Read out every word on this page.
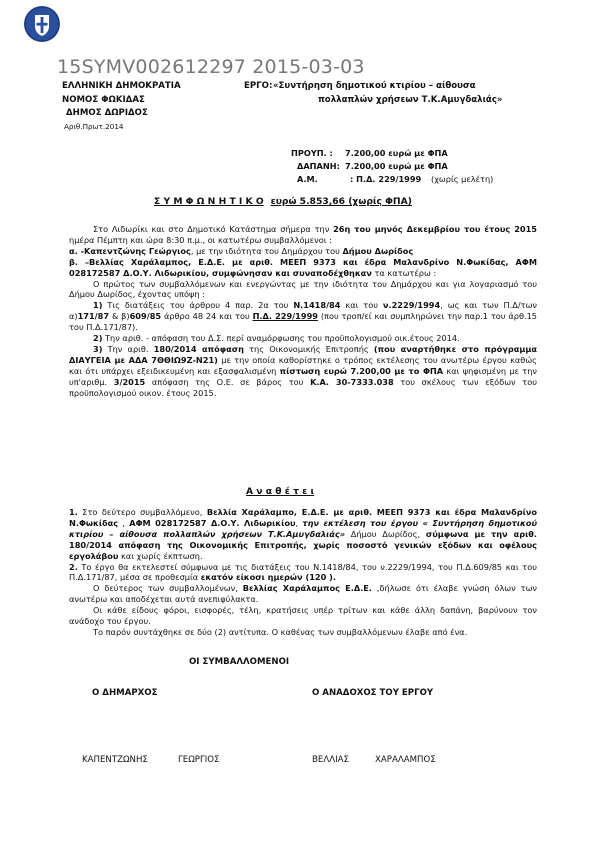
15SYMV002612297 2015-03-03
ΕΛΛΗΝΙΚΗ ΔΗΜΟΚΡΑΤΙΑ
ΝΟΜΟΣ ΦΩΚΙΔΑΣ
ΔΗΜΟΣ ΔΩΡΙΔΟΣ
Αριθ.Πρωτ.2014
ΕΡΓΟ: «Συντήρηση δημοτικού κτιρίου – αίθουσα
πολλαπλών χρήσεων Τ.Κ.Αμυγδαλιάς»
ΠΡΟΥΠ. : 7.200,00 ευρώ με ΦΠΑ
ΔΑΠΑΝΗ: 7.200,00 ευρώ με ΦΠΑ
Α.Μ.	: Π.Δ. 229/1999 (χωρίς μελέτη)
Σ Υ Μ Φ Ω Ν Η Τ Ι Κ Ο ευρώ 5.853,66 (χωρίς ΦΠΑ)

Στο Λιδωρίκι και στο Δημοτικό Κατάστημα σήμερα την 26η του μηνός Δεκεμβρίου του έτους 2015 ημέρα Πέμπτη και ώρα 8:30 π.μ., οι κατωτέρω συμβαλλόμενοι :

α. -Καπεντζώνης Γεώργιος, με την ιδιότητα του Δημάρχου του Δήμου Δωρίδος

β. –Βελλίας Χαράλαμπος, Ε.Δ.Ε. με αριθ. ΜΕΕΠ 9373 και έδρα Μαλανδρίνο Ν.Φωκίδας, ΑΦΜ 028172587 Δ.Ο.Υ. Λιδωρικίου, συμφώνησαν και συναποδέχθηκαν τα κατωτέρω :

Ο πρώτος των συμβαλλόμενων και ενεργώντας με την ιδιότητα του Δημάρχου και για λογαριασμό του Δήμου Δωρίδος, έχοντας υπόψη :

1) Τις διατάξεις του άρθρου 4 παρ. 2α του Ν.1418/84 και του ν.2229/1994, ως και των Π.Δ/των α)171/87 & β)609/85 άρθρο 48 24 και του Π.Δ. 229/1999 (που τροπ/εί και συμπληρώνει την παρ.1 του άρθ.15 του Π.Δ.171/87).

2) Την αριθ. - απόφαση του Δ.Σ. περί αναμόρφωσης του προϋπολογισμού οικ.έτους 2014.

3) Την αριθ. 180/2014 απόφαση της Οικονομικής Επιτροπής (που αναρτήθηκε στο πρόγραμμα ΔΙΑΥΓΕΙΑ με ΑΔΑ 7ΘΘΙΩ9Ζ-Ν21) με την οποία καθορίστηκε ο τρόπος εκτέλεσης του ανωτέρω έργου καθώς και ότι υπάρχει εξειδικευμένη και εξασφαλισμένη πίστωση ευρώ 7.200,00 με το ΦΠΑ και ψηφισμένη με την υπ'αριθμ. 3/2015 απόφαση της Ο.Ε. σε βάρος του Κ.Α. 30-7333.038 του σκέλους των εξόδων του προϋπολογισμού οικον. έτους 2015.

Α ν α θ έ τ ε ι

1. Στο δεύτερο συμβαλλόμενο, Βελλία Χαράλαμπο, Ε.Δ.Ε. με αριθ. ΜΕΕΠ 9373 και έδρα Μαλανδρίνο Ν.Φωκίδας , ΑΦΜ 028172587 Δ.Ο.Υ. Λιδωρικίου, την εκτέλεση του έργου « Συντήρηση δημοτικού κτιρίου – αίθουσα πολλαπλών χρήσεων Τ.Κ.Αμυγδαλιάς» Δήμου Δωρίδος, σύμφωνα με την αριθ. 180/2014 απόφαση της Οικονομικής Επιτροπής, χωρίς ποσοστό γενικών εξόδων και οφέλους εργολάβου και χωρίς έκπτωση.

2. Το έργο θα εκτελεστεί σύμφωνα με τις διατάξεις του Ν.1418/84, του ν.2229/1994, του Π.Δ.609/85 και του Π.Δ.171/87, μέσα σε προθεσμία εκατόν είκοσι ημερών (120 ).

Ο δεύτερος των συμβαλλομένων, Βελλίας Χαράλαμπος Ε.Δ.Ε. ,δήλωσε ότι έλαβε γνώση όλων των ανωτέρω και αποδέχεται αυτά ανεπιφύλακτα.

Οι κάθε είδους φόροι, εισφορές, τέλη, κρατήσεις υπέρ τρίτων και κάθε άλλη δαπάνη, βαρύνουν τον ανάδοχο του έργου.

Το παρόν συντάχθηκε σε δύο (2) αντίτυπα. Ο καθένας των συμβαλλόμενων έλαβε από ένα.

ΟΙ ΣΥΜΒΑΛΛΟΜΕΝΟΙ
Ο ΔΗΜΑΡΧΟΣ	Ο ΑΝΑΔΟΧΟΣ ΤΟΥ ΕΡΓΟΥ
ΚΑΠΕΝΤΖΩΝΗΣ	ΓΕΩΡΓΙΟΣ	ΒΕΛΛΙΑΣ	ΧΑΡΑΛΑΜΠΟΣ
